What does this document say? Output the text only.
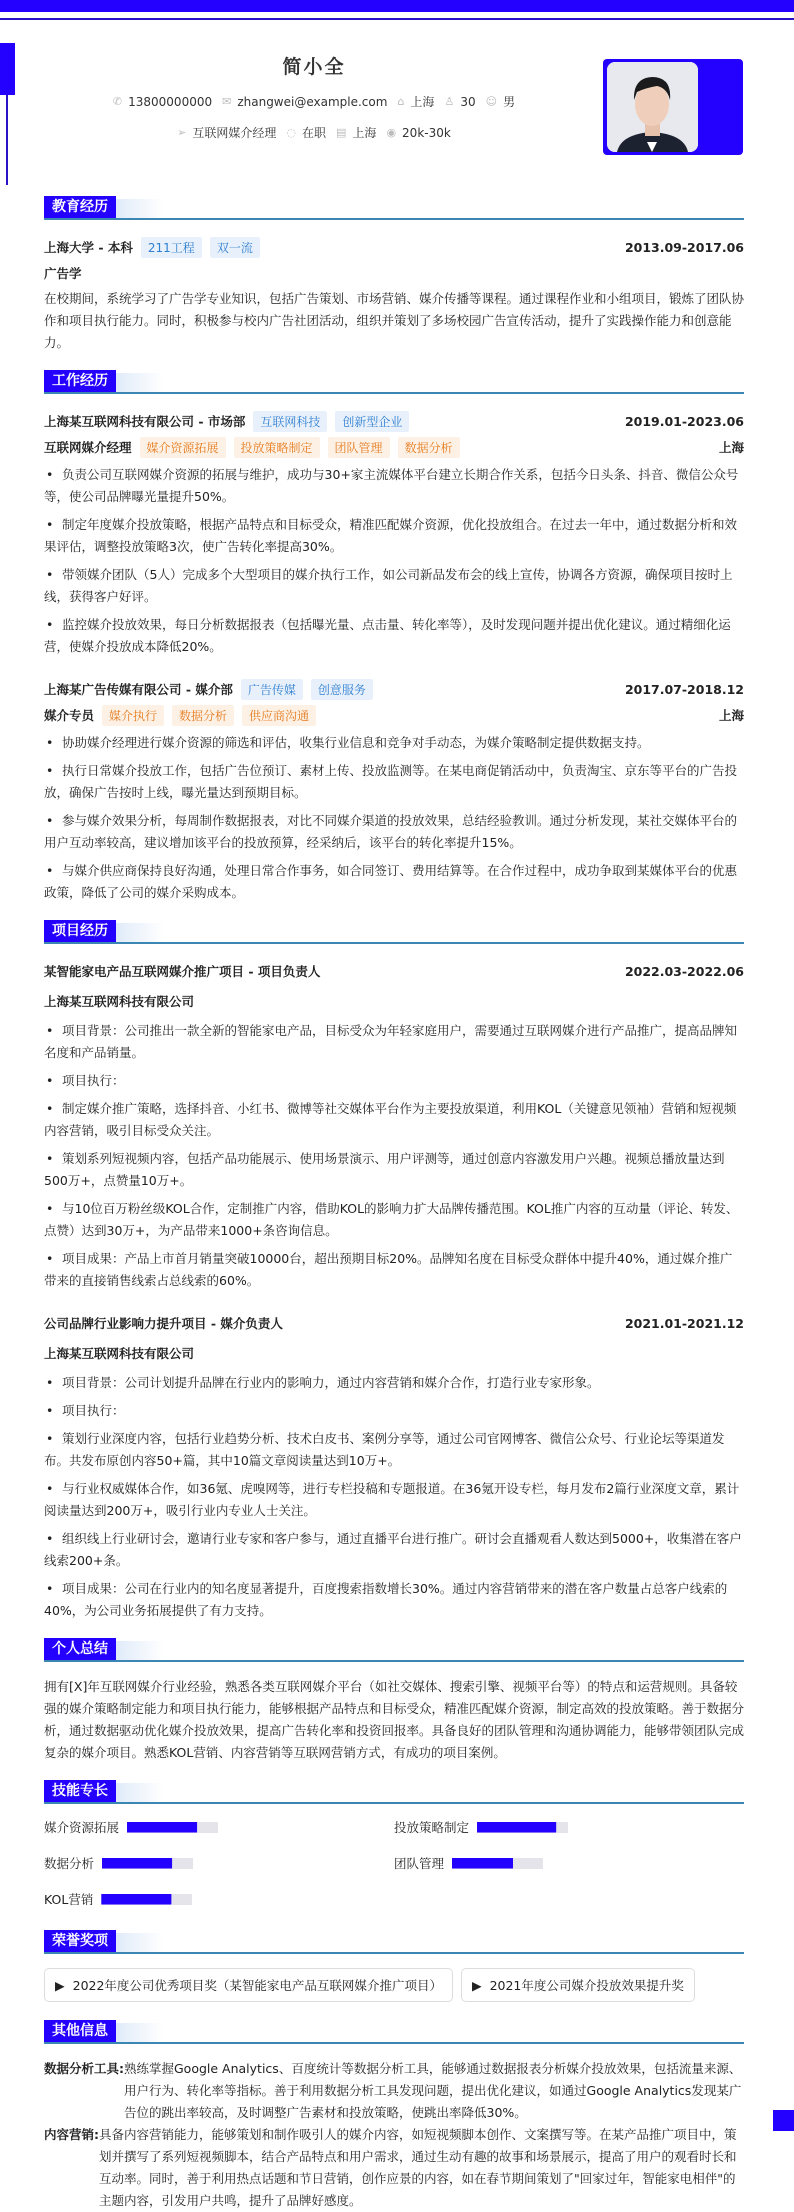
简小全
✆ 13800000000 ✉ zhangwei@example.com ⌂ 上海 ♙ 30 ☺ 男
➢ 互联网媒介经理 ◌ 在职 ▤ 上海 ◉ 20k-30k
教育经历
上海大学 - 本科	211工程	双一流	2013.09-2017.06
广告学

在校期间，系统学习了广告学专业知识，包括广告策划、市场营销、媒介传播等课程。通过课程作业和小组项目，锻炼了团队协作和项目执行能力。同时，积极参与校内广告社团活动，组织并策划了多场校园广告宣传活动，提升了实践操作能力和创意能力。

工作经历
上海某互联网科技有限公司 - 市场部	互联网科技	创新型企业	2019.01-2023.06
互联网媒介经理	媒介资源拓展	投放策略制定	团队管理	数据分析	上海
• 负责公司互联网媒介资源的拓展与维护，成功与30+家主流媒体平台建立长期合作关系，包括今日头条、抖音、微信公众号等，使公司品牌曝光量提升50%。
• 制定年度媒介投放策略，根据产品特点和目标受众，精准匹配媒介资源，优化投放组合。在过去一年中，通过数据分析和效果评估，调整投放策略3次，使广告转化率提高30%。
• 带领媒介团队（5人）完成多个大型项目的媒介执行工作，如公司新品发布会的线上宣传，协调各方资源，确保项目按时上线，获得客户好评。
• 监控媒介投放效果，每日分析数据报表（包括曝光量、点击量、转化率等），及时发现问题并提出优化建议。通过精细化运营，使媒介投放成本降低20%。
上海某广告传媒有限公司 - 媒介部	广告传媒	创意服务	2017.07-2018.12
媒介专员	媒介执行	数据分析	供应商沟通	上海
• 协助媒介经理进行媒介资源的筛选和评估，收集行业信息和竞争对手动态，为媒介策略制定提供数据支持。
• 执行日常媒介投放工作，包括广告位预订、素材上传、投放监测等。在某电商促销活动中，负责淘宝、京东等平台的广告投放，确保广告按时上线，曝光量达到预期目标。
• 参与媒介效果分析，每周制作数据报表，对比不同媒介渠道的投放效果，总结经验教训。通过分析发现，某社交媒体平台的用户互动率较高，建议增加该平台的投放预算，经采纳后，该平台的转化率提升15%。
• 与媒介供应商保持良好沟通，处理日常合作事务，如合同签订、费用结算等。在合作过程中，成功争取到某媒体平台的优惠政策，降低了公司的媒介采购成本。
项目经历
某智能家电产品互联网媒介推广项目 - 项目负责人	2022.03-2022.06
上海某互联网科技有限公司
• 项目背景：公司推出一款全新的智能家电产品，目标受众为年轻家庭用户，需要通过互联网媒介进行产品推广，提高品牌知名度和产品销量。
• 项目执行：
• 制定媒介推广策略，选择抖音、小红书、微博等社交媒体平台作为主要投放渠道，利用KOL（关键意见领袖）营销和短视频内容营销，吸引目标受众关注。
• 策划系列短视频内容，包括产品功能展示、使用场景演示、用户评测等，通过创意内容激发用户兴趣。视频总播放量达到500万+，点赞量10万+。
• 与10位百万粉丝级KOL合作，定制推广内容，借助KOL的影响力扩大品牌传播范围。KOL推广内容的互动量（评论、转发、点赞）达到30万+，为产品带来1000+条咨询信息。
• 项目成果：产品上市首月销量突破10000台，超出预期目标20%。品牌知名度在目标受众群体中提升40%，通过媒介推广带来的直接销售线索占总线索的60%。
公司品牌行业影响力提升项目 - 媒介负责人	2021.01-2021.12
上海某互联网科技有限公司
• 项目背景：公司计划提升品牌在行业内的影响力，通过内容营销和媒介合作，打造行业专家形象。
• 项目执行：
• 策划行业深度内容，包括行业趋势分析、技术白皮书、案例分享等，通过公司官网博客、微信公众号、行业论坛等渠道发布。共发布原创内容50+篇，其中10篇文章阅读量达到10万+。
• 与行业权威媒体合作，如36氪、虎嗅网等，进行专栏投稿和专题报道。在36氪开设专栏，每月发布2篇行业深度文章，累计阅读量达到200万+，吸引行业内专业人士关注。
• 组织线上行业研讨会，邀请行业专家和客户参与，通过直播平台进行推广。研讨会直播观看人数达到5000+，收集潜在客户线索200+条。
• 项目成果：公司在行业内的知名度显著提升，百度搜索指数增长30%。通过内容营销带来的潜在客户数量占总客户线索的40%，为公司业务拓展提供了有力支持。
个人总结

拥有[X]年互联网媒介行业经验，熟悉各类互联网媒介平台（如社交媒体、搜索引擎、视频平台等）的特点和运营规则。具备较强的媒介策略制定能力和项目执行能力，能够根据产品特点和目标受众，精准匹配媒介资源，制定高效的投放策略。善于数据分析，通过数据驱动优化媒介投放效果，提高广告转化率和投资回报率。具备良好的团队管理和沟通协调能力，能够带领团队完成复杂的媒介项目。熟悉KOL营销、内容营销等互联网营销方式，有成功的项目案例。

技能专长
媒介资源拓展	投放策略制定
数据分析	团队管理
KOL营销
荣誉奖项
▶ 2022年度公司优秀项目奖（某智能家电产品互联网媒介推广项目） ▶ 2021年度公司媒介投放效果提升奖
其他信息
数据分析工具: 熟练掌握Google Analytics、百度统计等数据分析工具，能够通过数据报表分析媒介投放效果，包括流量来源、用户行为、转化率等指标。善于利用数据分析工具发现问题，提出优化建议，如通过Google Analytics发现某广告位的跳出率较高，及时调整广告素材和投放策略，使跳出率降低30%。
内容营销: 具备内容营销能力，能够策划和制作吸引人的媒介内容，如短视频脚本创作、文案撰写等。在某产品推广项目中，策划并撰写了系列短视频脚本，结合产品特点和用户需求，通过生动有趣的故事和场景展示，提高了用户的观看时长和互动率。同时，善于利用热点话题和节日营销，创作应景的内容，如在春节期间策划了"回家过年，智能家电相伴"的主题内容，引发用户共鸣，提升了品牌好感度。
